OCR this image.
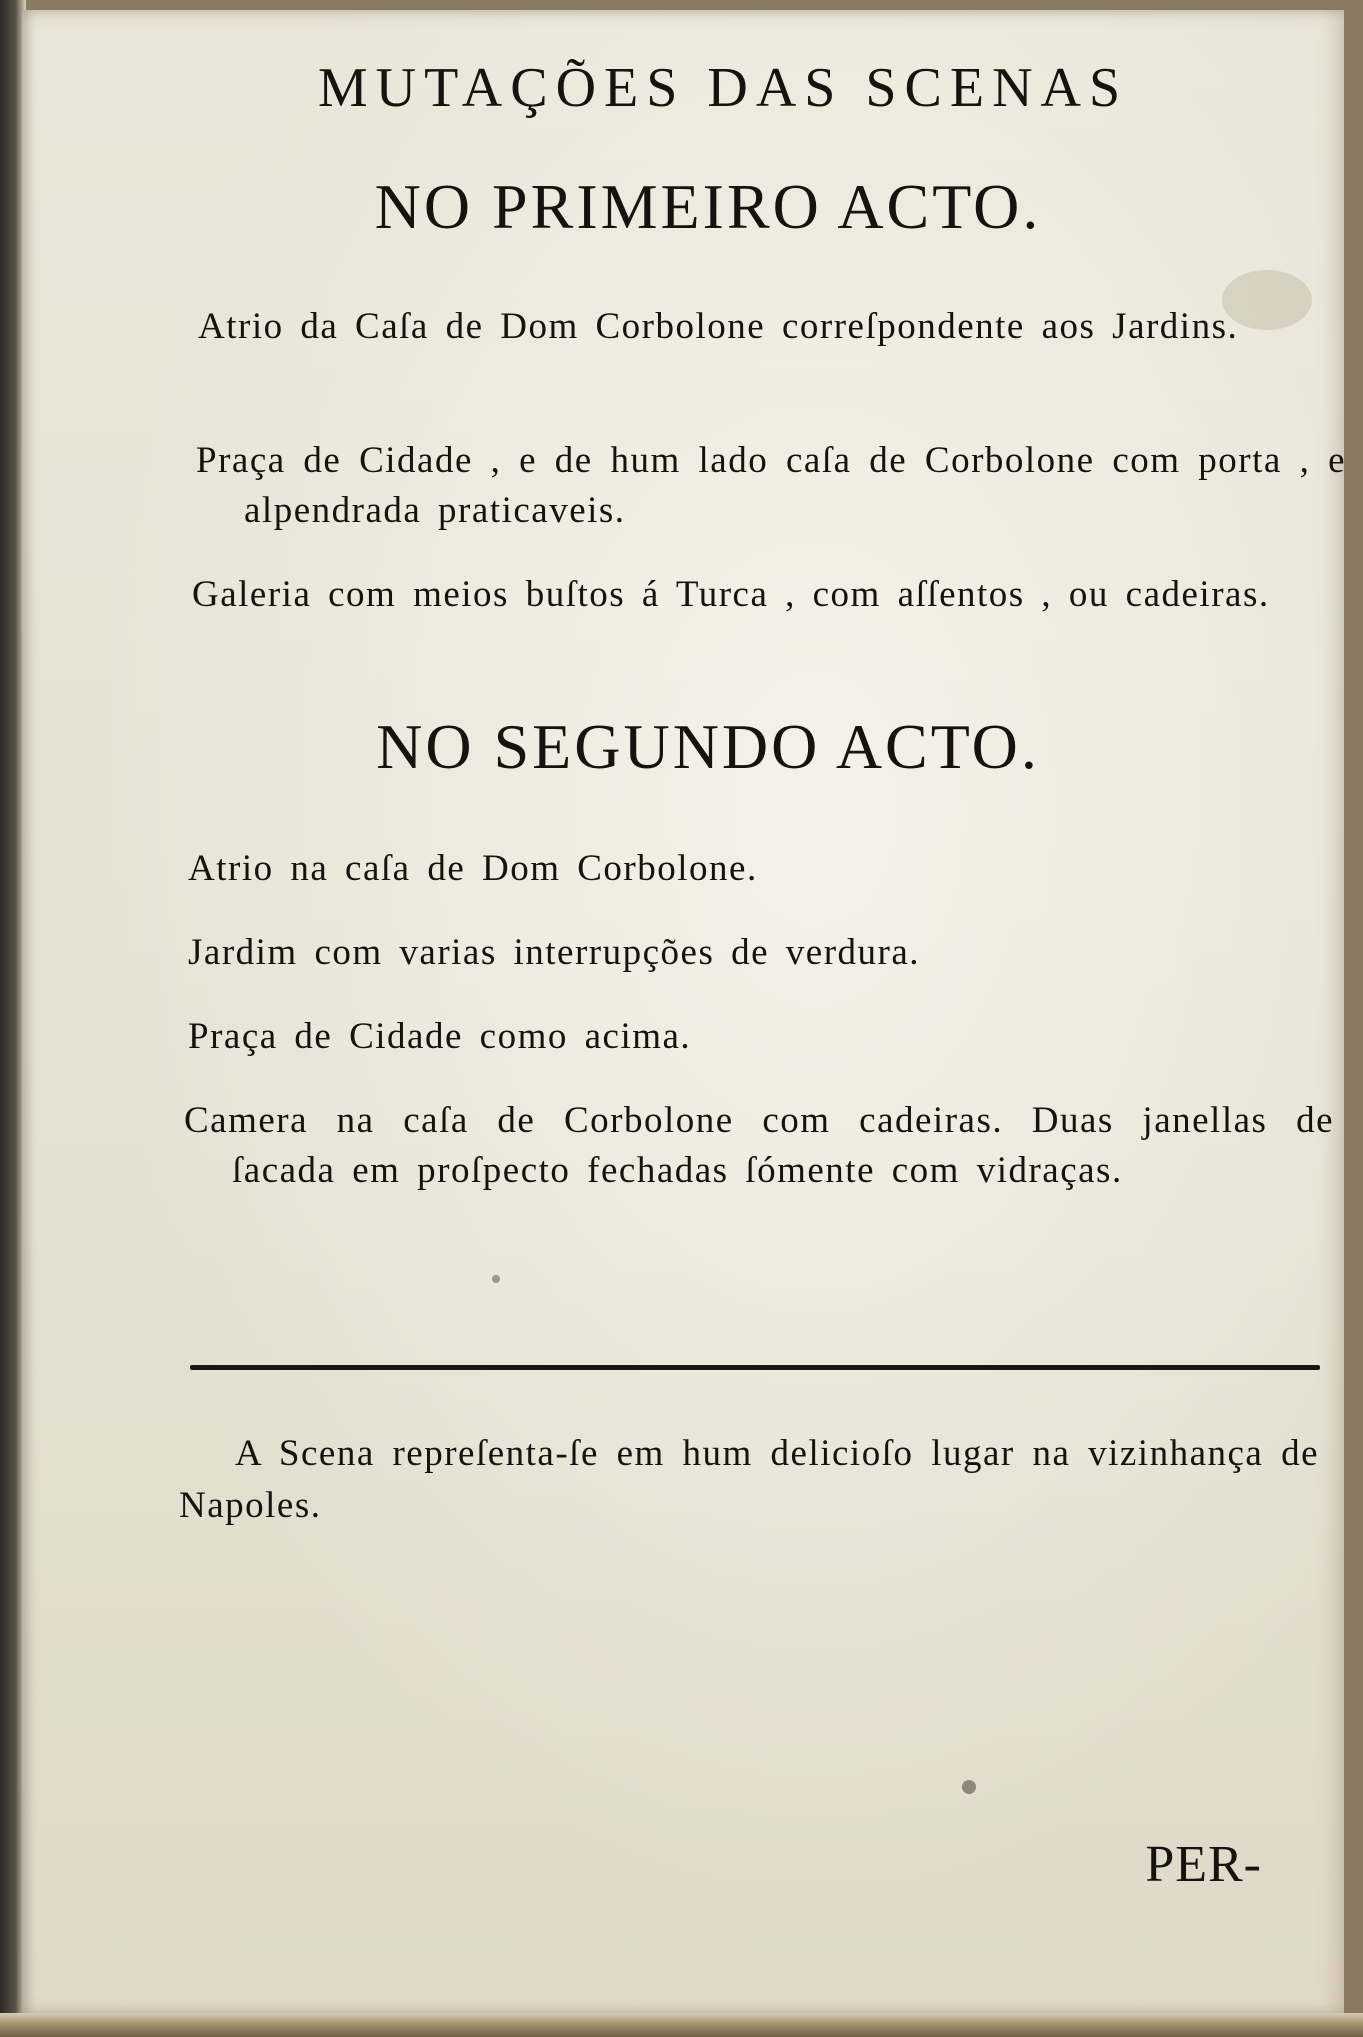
MUTAÇÕES DAS SCENAS
NO PRIMEIRO ACTO.
Atrio da Caſa de Dom Corbolone correſpondente aos Jardins.
Praça de Cidade , e de hum lado caſa de Corbolone com porta , e alpendrada praticaveis.
Galeria com meios buſtos á Turca , com aſſentos , ou cadeiras.
NO SEGUNDO ACTO.
Atrio na caſa de Dom Corbolone.
Jardim com varias interrupções de verdura.
Praça de Cidade como acima.
Camera na caſa de Corbolone com cadeiras. Duas janellas de ſacada em proſpecto fechadas ſómente com vidraças.
A Scena repreſenta-ſe em hum delicioſo lugar na vizinhança de Napoles.
PER-
